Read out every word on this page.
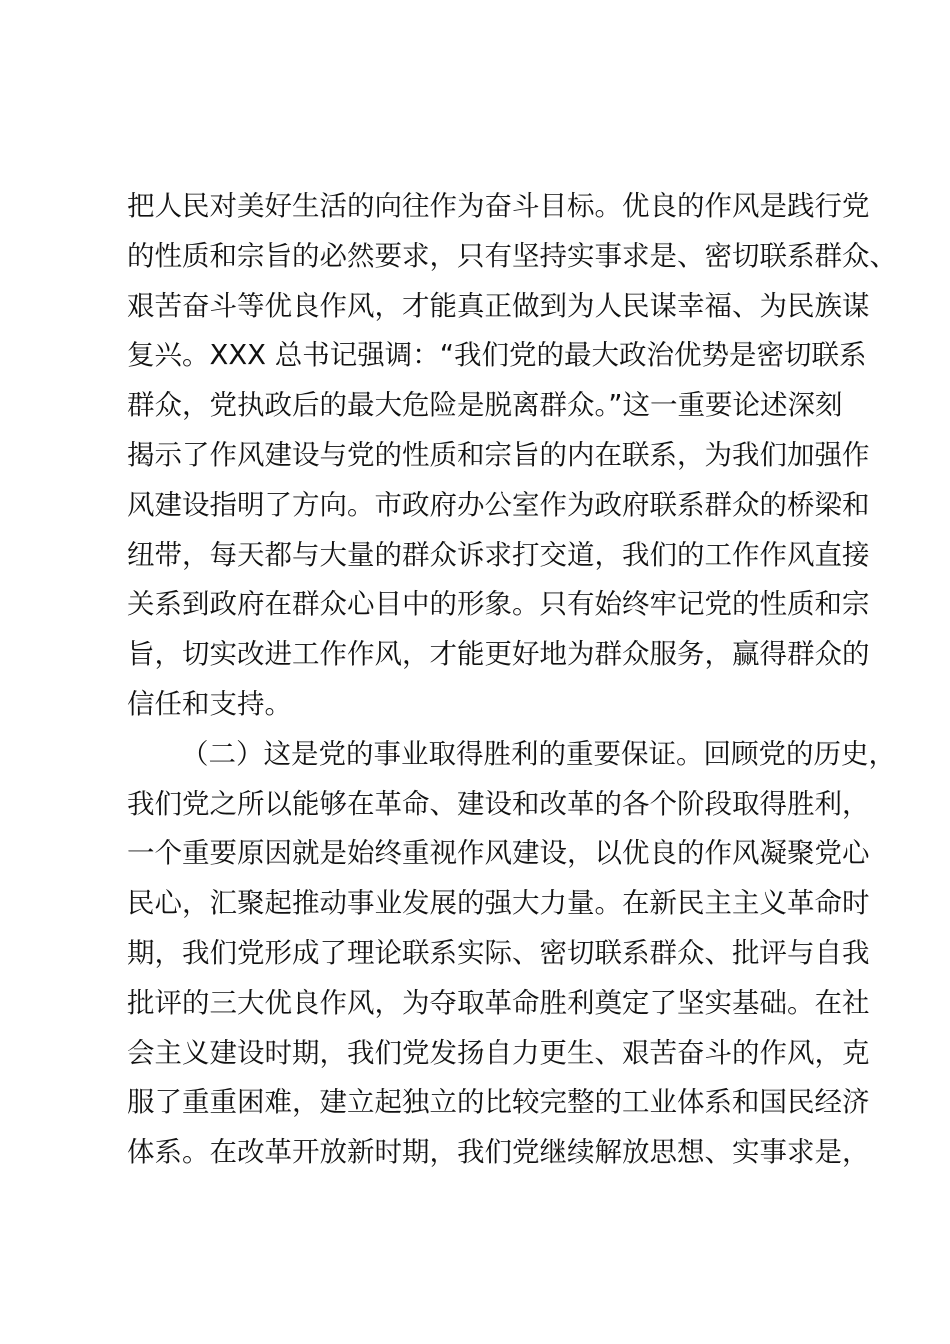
把人民对美好生活的向往作为奋斗目标。优良的作风是践行党
的性质和宗旨的必然要求，只有坚持实事求是、密切联系群众、
艰苦奋斗等优良作风，才能真正做到为人民谋幸福、为民族谋
复兴。XXX 总书记强调：“我们党的最大政治优势是密切联系
群众，党执政后的最大危险是脱离群众。”这一重要论述深刻
揭示了作风建设与党的性质和宗旨的内在联系，为我们加强作
风建设指明了方向。市政府办公室作为政府联系群众的桥梁和
纽带，每天都与大量的群众诉求打交道，我们的工作作风直接
关系到政府在群众心目中的形象。只有始终牢记党的性质和宗
旨，切实改进工作作风，才能更好地为群众服务，赢得群众的
信任和支持。
（二）这是党的事业取得胜利的重要保证。回顾党的历史，
我们党之所以能够在革命、建设和改革的各个阶段取得胜利，
一个重要原因就是始终重视作风建设，以优良的作风凝聚党心
民心，汇聚起推动事业发展的强大力量。在新民主主义革命时
期，我们党形成了理论联系实际、密切联系群众、批评与自我
批评的三大优良作风，为夺取革命胜利奠定了坚实基础。在社
会主义建设时期，我们党发扬自力更生、艰苦奋斗的作风，克
服了重重困难，建立起独立的比较完整的工业体系和国民经济
体系。在改革开放新时期，我们党继续解放思想、实事求是，
